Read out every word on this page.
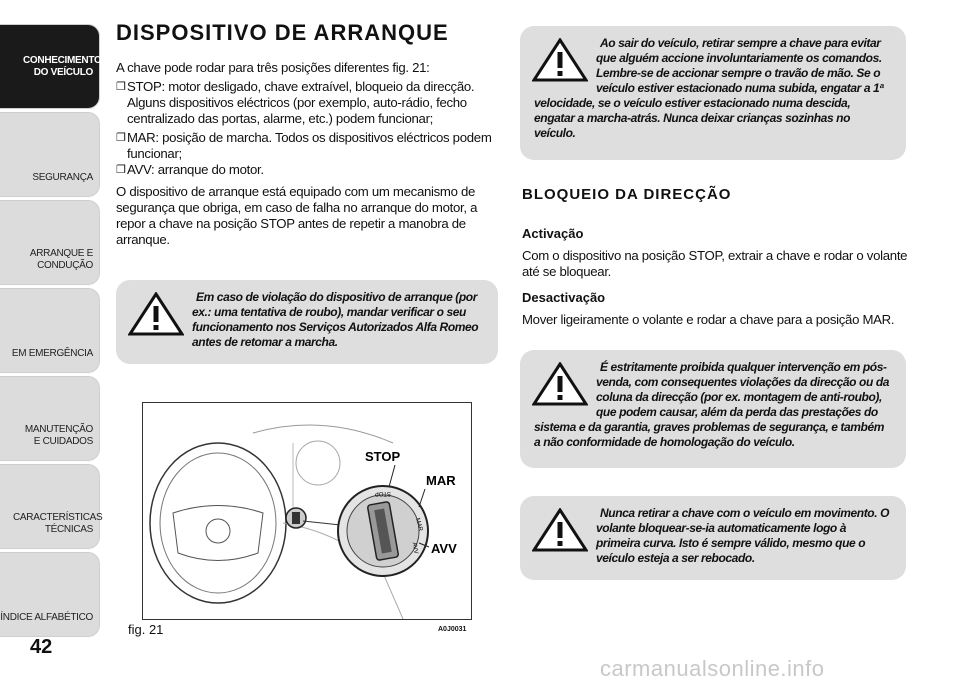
CONHECIMENTO DO VEÍCULO
SEGURANÇA
ARRANQUE E CONDUÇÃO
EM EMERGÊNCIA
MANUTENÇÃO E CUIDADOS
CARACTERÍSTICAS TÉCNICAS
ÍNDICE ALFABÉTICO
42
DISPOSITIVO DE ARRANQUE
A chave pode rodar para três posições diferentes fig. 21:
❐ STOP: motor desligado, chave extraível, bloqueio da direcção. Alguns dispositivos eléctricos (por exemplo, auto-rádio, fecho centralizado das portas, alarme, etc.) podem funcionar;
❐ MAR: posição de marcha. Todos os dispositivos eléctricos podem funcionar;
❐ AVV: arranque do motor.
O dispositivo de arranque está equipado com um mecanismo de segurança que obriga, em caso de falha no arranque do motor, a repor a chave na posição STOP antes de repetir a manobra de arranque.
Em caso de violação do dispositivo de arranque (por ex.: uma tentativa de roubo), mandar verificar o seu funcionamento nos Serviços Autorizados Alfa Romeo antes de retomar a marcha.
STOP
MAR
AVV
STOP
MAR
AVV
fig. 21	A0J0031
Ao sair do veículo, retirar sempre a chave para evitar que alguém accione involuntariamente os comandos. Lembre-se de accionar sempre o travão de mão. Se o veículo estiver estacionado numa subida, engatar a 1ª velocidade, se o veículo estiver estacionado numa descida, engatar a marcha-atrás. Nunca deixar crianças sozinhas no veículo.
BLOQUEIO DA DIRECÇÃO
Activação
Com o dispositivo na posição STOP, extrair a chave e rodar o volante até se bloquear.
Desactivação
Mover ligeiramente o volante e rodar a chave para a posição MAR.
É estritamente proibida qualquer intervenção em pós-venda, com consequentes violações da direcção ou da coluna da direcção (por ex. montagem de anti-roubo), que podem causar, além da perda das prestações do sistema e da garantia, graves problemas de segurança, e também a não conformidade de homologação do veículo.
Nunca retirar a chave com o veículo em movimento. O volante bloquear-se-ia automaticamente logo à primeira curva. Isto é sempre válido, mesmo que o veículo esteja a ser rebocado.
carmanualsonline.info
